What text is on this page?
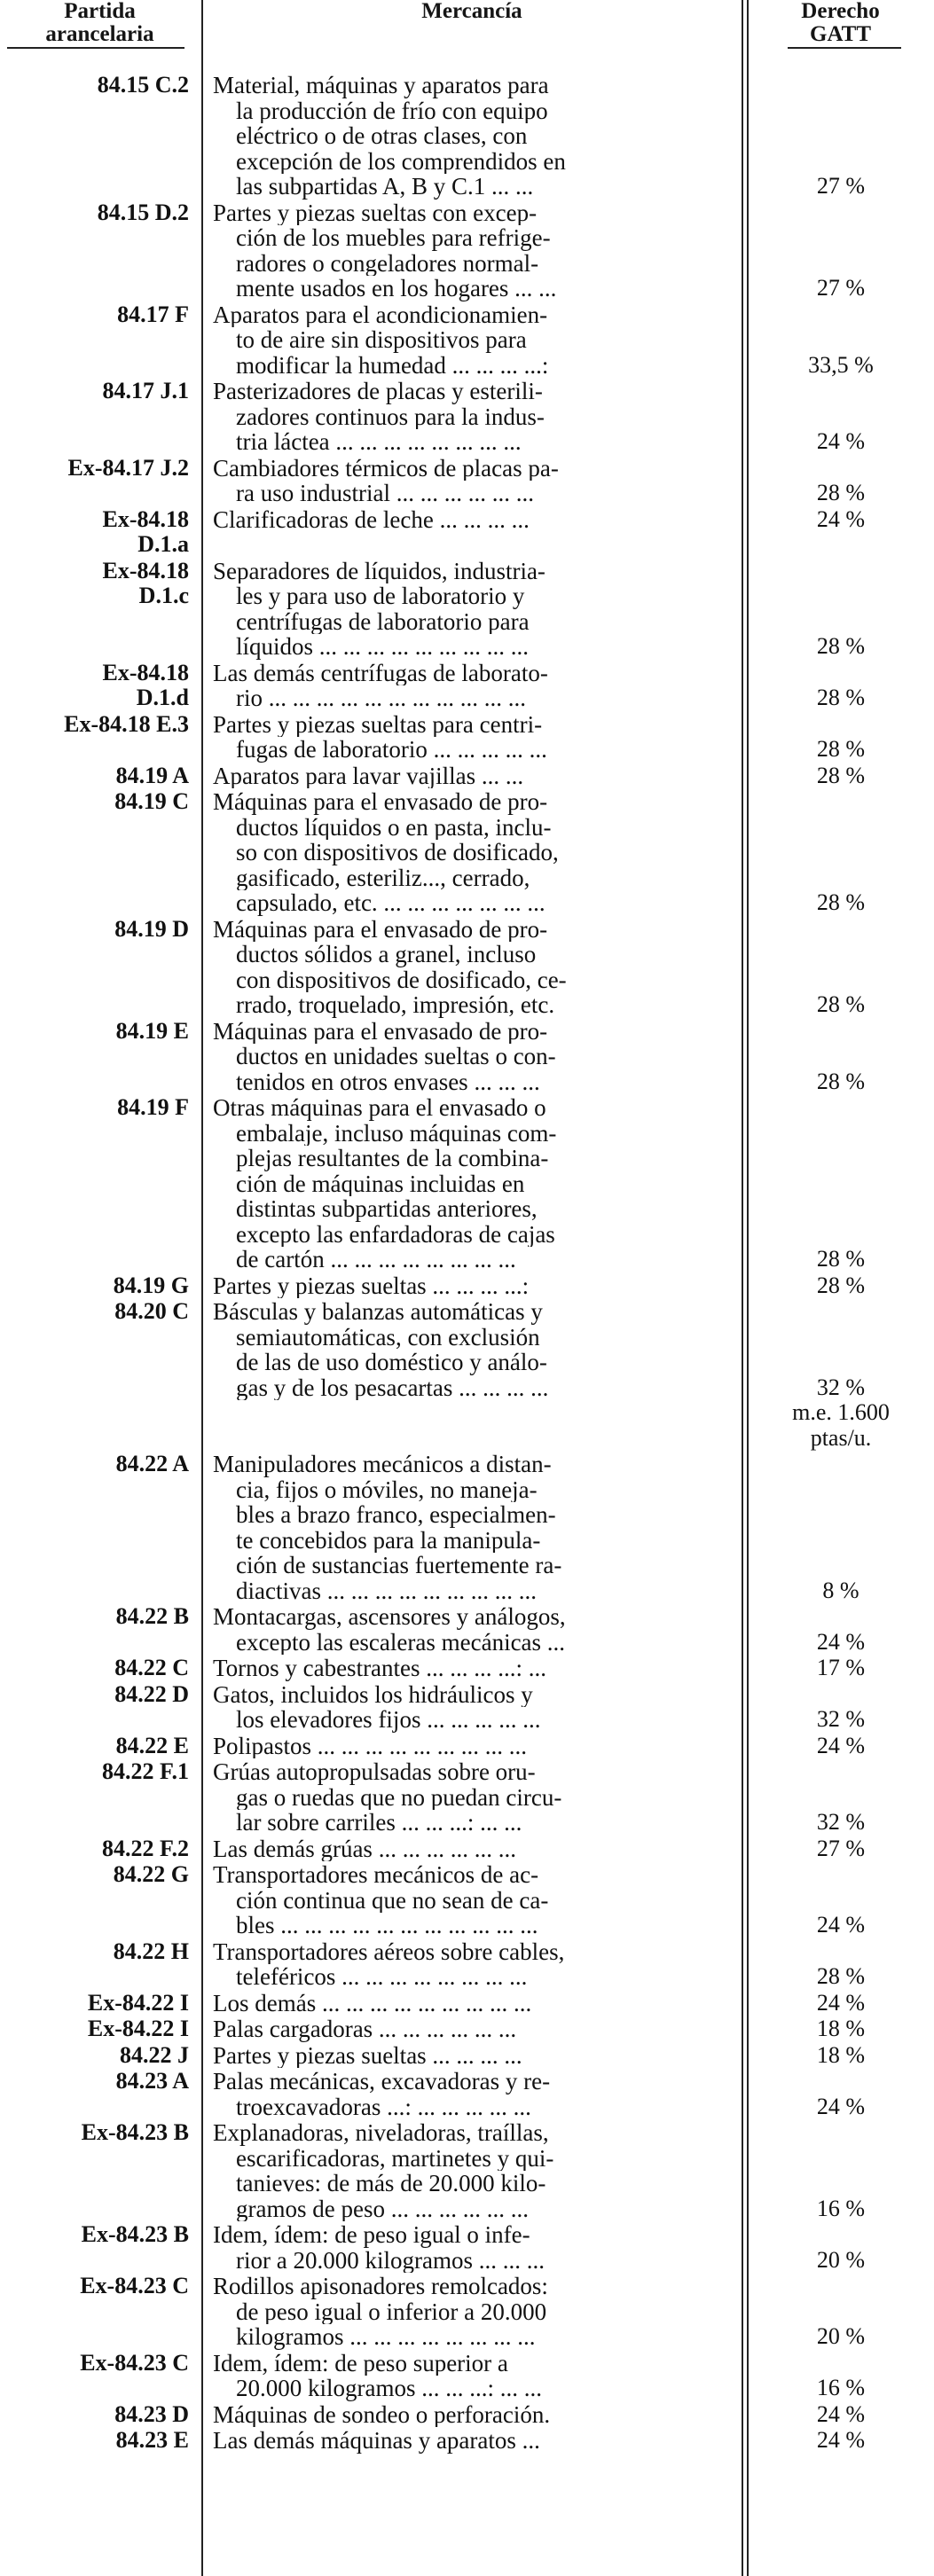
Partida
arancelaria
Mercancía	Derecho
GATT
84.15 C.2 Material, máquinas y aparatos para
la producción de frío con equipo
eléctrico o de otras clases, con
excepción de los comprendidos en
las subpartidas A, B y C.1 ... ...	27 %
84.15 D.2 Partes y piezas sueltas con excep-
ción de los muebles para refrige-
radores o congeladores normal-
mente usados en los hogares ... ...	27 %
84.17 F Aparatos para el acondicionamien-
to de aire sin dispositivos para
modificar la humedad ... ... ... ...:	33,5 %
84.17 J.1 Pasterizadores de placas y esterili-
zadores continuos para la indus-
tria láctea ... ... ... ... ... ... ... ...	24 %
Ex-84.17 J.2 Cambiadores térmicos de placas pa-
ra uso industrial ... ... ... ... ... ...	28 %
Ex-84.18
D.1.a
Clarificadoras de leche ... ... ... ...	24 %
Ex-84.18
D.1.c
Separadores de líquidos, industria-
les y para uso de laboratorio y
centrífugas de laboratorio para
líquidos ... ... ... ... ... ... ... ... ...	28 %
Ex-84.18
D.1.d
Las demás centrífugas de laborato-
rio ... ... ... ... ... ... ... ... ... ... ...	28 %
Ex-84.18 E.3 Partes y piezas sueltas para centri-
fugas de laboratorio ... ... ... ... ...	28 %
84.19 A Aparatos para lavar vajillas ... ...	28 %
84.19 C Máquinas para el envasado de pro-
ductos líquidos o en pasta, inclu-
so con dispositivos de dosificado,
gasificado, esteriliz..., cerrado,
capsulado, etc. ... ... ... ... ... ... ...	28 %
84.19 D Máquinas para el envasado de pro-
ductos sólidos a granel, incluso
con dispositivos de dosificado, ce-
rrado, troquelado, impresión, etc.	28 %
84.19 E Máquinas para el envasado de pro-
ductos en unidades sueltas o con-
tenidos en otros envases ... ... ...	28 %
84.19 F Otras máquinas para el envasado o
embalaje, incluso máquinas com-
plejas resultantes de la combina-
ción de máquinas incluidas en
distintas subpartidas anteriores,
excepto las enfardadoras de cajas
de cartón ... ... ... ... ... ... ... ...	28 %
84.19 G Partes y piezas sueltas ... ... ... ...:	28 %
84.20 C Básculas y balanzas automáticas y
semiautomáticas, con exclusión
de las de uso doméstico y análo-
gas y de los pesacartas ... ... ... ...	32 %
m.e. 1.600
ptas/u.
84.22 A Manipuladores mecánicos a distan-
cia, fijos o móviles, no maneja-
bles a brazo franco, especialmen-
te concebidos para la manipula-
ción de sustancias fuertemente ra-
diactivas ... ... ... ... ... ... ... ... ...	8 %
84.22 B Montacargas, ascensores y análogos,
excepto las escaleras mecánicas ...	24 %
84.22 C Tornos y cabestrantes ... ... ... ...: ...	17 %
84.22 D Gatos, incluidos los hidráulicos y
los elevadores fijos ... ... ... ... ...	32 %
84.22 E Polipastos ... ... ... ... ... ... ... ... ...	24 %
84.22 F.1 Grúas autopropulsadas sobre oru-
gas o ruedas que no puedan circu-
lar sobre carriles ... ... ...: ... ...	32 %
84.22 F.2 Las demás grúas ... ... ... ... ... ...	27 %
84.22 G Transportadores mecánicos de ac-
ción continua que no sean de ca-
bles ... ... ... ... ... ... ... ... ... ... ...	24 %
84.22 H Transportadores aéreos sobre cables,
teleféricos ... ... ... ... ... ... ... ...	28 %
Ex-84.22 I Los demás ... ... ... ... ... ... ... ... ...	24 %
Ex-84.22 I Palas cargadoras ... ... ... ... ... ...	18 %
84.22 J Partes y piezas sueltas ... ... ... ...	18 %
84.23 A Palas mecánicas, excavadoras y re-
troexcavadoras ...: ... ... ... ... ...	24 %
Ex-84.23 B Explanadoras, niveladoras, traíllas,
escarificadoras, martinetes y qui-
tanieves: de más de 20.000 kilo-
gramos de peso ... ... ... ... ... ...	16 %
Ex-84.23 B Idem, ídem: de peso igual o infe-
rior a 20.000 kilogramos ... ... ...	20 %
Ex-84.23 C Rodillos apisonadores remolcados:
de peso igual o inferior a 20.000
kilogramos ... ... ... ... ... ... ... ...	20 %
Ex-84.23 C Idem, ídem: de peso superior a
20.000 kilogramos ... ... ...: ... ...	16 %
84.23 D Máquinas de sondeo o perforación.	24 %
84.23 E Las demás máquinas y aparatos ...	24 %
